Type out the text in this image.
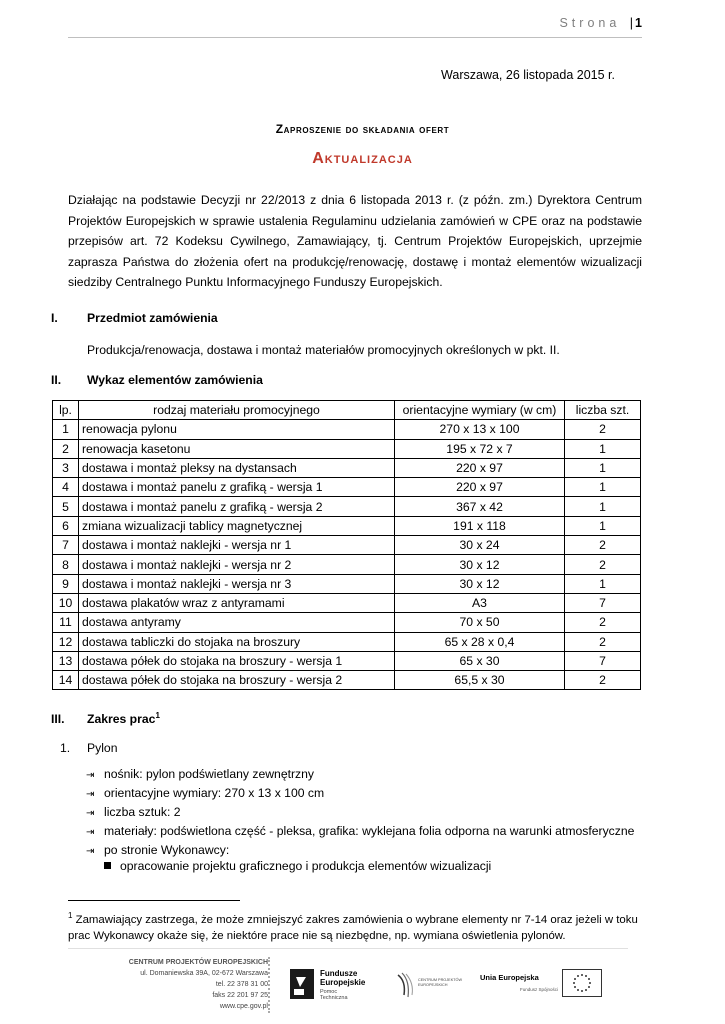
Strona | 1
Warszawa, 26 listopada 2015 r.
Zaproszenie do składania ofert
Aktualizacja
Działając na podstawie Decyzji nr 22/2013 z dnia 6 listopada 2013 r. (z późn. zm.) Dyrektora Centrum Projektów Europejskich w sprawie ustalenia Regulaminu udzielania zamówień w CPE oraz na podstawie przepisów art. 72 Kodeksu Cywilnego, Zamawiający, tj. Centrum Projektów Europejskich, uprzejmie zaprasza Państwa do złożenia ofert na produkcję/renowację, dostawę i montaż elementów wizualizacji siedziby Centralnego Punktu Informacyjnego Funduszy Europejskich.
I. Przedmiot zamówienia
Produkcja/renowacja, dostawa i montaż materiałów promocyjnych określonych w pkt. II.
II. Wykaz elementów zamówienia
lp.	rodzaj materiału promocyjnego	orientacyjne wymiary (w cm)	liczba szt.
1	renowacja pylonu	270 x 13 x 100	2
2	renowacja kasetonu	195 x 72 x 7	1
3	dostawa i montaż pleksy na dystansach	220 x 97	1
4	dostawa i montaż panelu z grafiką - wersja 1	220 x 97	1
5	dostawa i montaż panelu z grafiką - wersja 2	367 x 42	1
6	zmiana wizualizacji tablicy magnetycznej	191 x 118	1
7	dostawa i montaż naklejki - wersja nr 1	30 x 24	2
8	dostawa i montaż naklejki - wersja nr 2	30 x 12	2
9	dostawa i montaż naklejki - wersja nr 3	30 x 12	1
10	dostawa plakatów wraz z antyramami	A3	7
11	dostawa antyramy	70 x 50	2
12	dostawa tabliczki do stojaka na broszury	65 x 28 x 0,4	2
13	dostawa półek do stojaka na broszury - wersja 1	65 x 30	7
14	dostawa półek do stojaka na broszury - wersja 2	65,5 x 30	2
III. Zakres prac$^1$
1. Pylon
⇥ nośnik: pylon podświetlany zewnętrzny
⇥ orientacyjne wymiary: 270 x 13 x 100 cm
⇥ liczba sztuk: 2
⇥ materiały: podświetlona część - pleksa, grafika: wyklejana folia odporna na warunki atmosferyczne
⇥ po stronie Wykonawcy:
opracowanie projektu graficznego i produkcja elementów wizualizacji
$^1$ Zamawiający zastrzega, że może zmniejszyć zakres zamówienia o wybrane elementy nr 7-14 oraz jeżeli w toku prac Wykonawcy okaże się, że niektóre prace nie są niezbędne, np. wymiana oświetlenia pylonów.
CENTRUM PROJEKTÓW EUROPEJSKICH
ul. Domaniewska 39A, 02-672 Warszawa
tel. 22 378 31 00
faks 22 201 97 25
www.cpe.gov.pl
Fundusze
Europejskie
Pomoc Techniczna
CENTRUM PROJEKTÓW EUROPEJSKICH
Unia Europejska
Fundusz Spójności
